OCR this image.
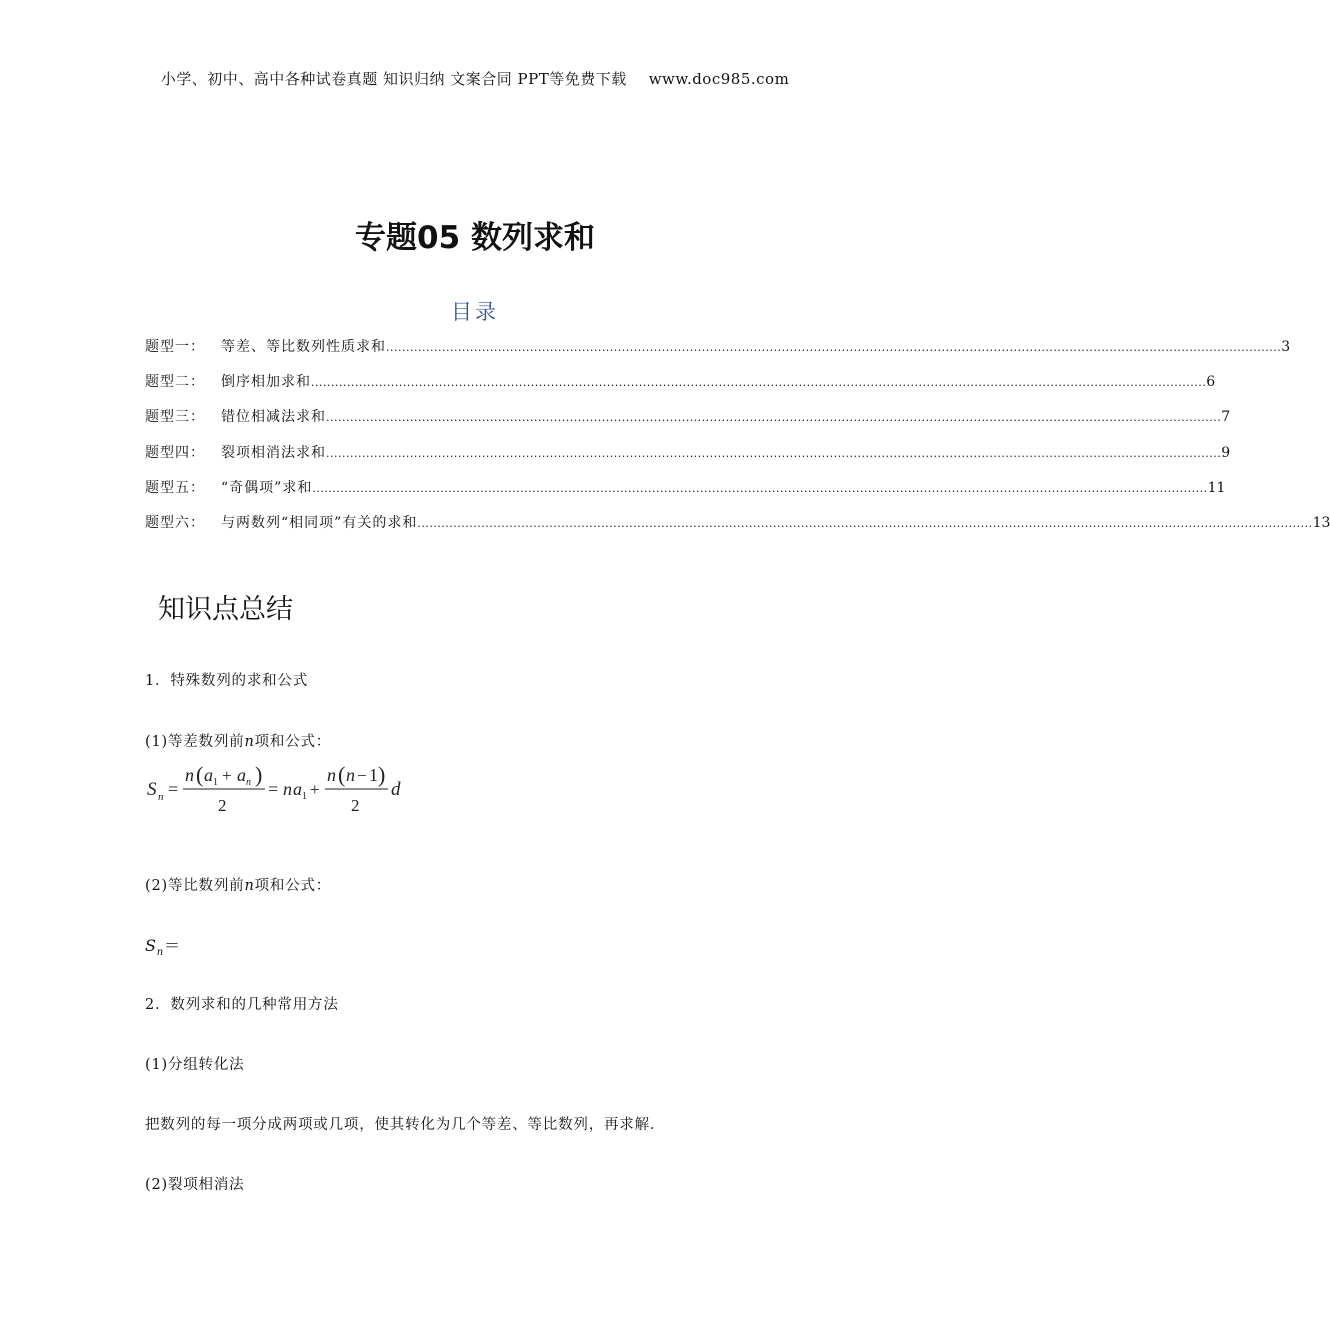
小学、初中、高中各种试卷真题 知识归纳 文案合同 PPT等免费下载 www.doc985.com
专题05 数列求和
目录
题型一：	等差、等比数列性质求和 ................................................................................................................................................................................................................................ 3
题型二：	倒序相加求和 ................................................................................................................................................................................................................................ 6
题型三：	错位相减法求和 ................................................................................................................................................................................................................................ 7
题型四：	裂项相消法求和 ................................................................................................................................................................................................................................ 9
题型五：	“奇偶项”求和 ................................................................................................................................................................................................................................ 11
题型六：	与两数列“相同项”有关的求和 ................................................................................................................................................................................................................................ 13
知识点总结
1．特殊数列的求和公式
(1)等差数列前n项和公式：
S n =
n ( a 1 + a n )
2
= n a 1 +
n ( n − 1 )
2
d
(2)等比数列前n项和公式：
$S_n=$
2．数列求和的几种常用方法
(1)分组转化法
把数列的每一项分成两项或几项，使其转化为几个等差、等比数列，再求解．
(2)裂项相消法
